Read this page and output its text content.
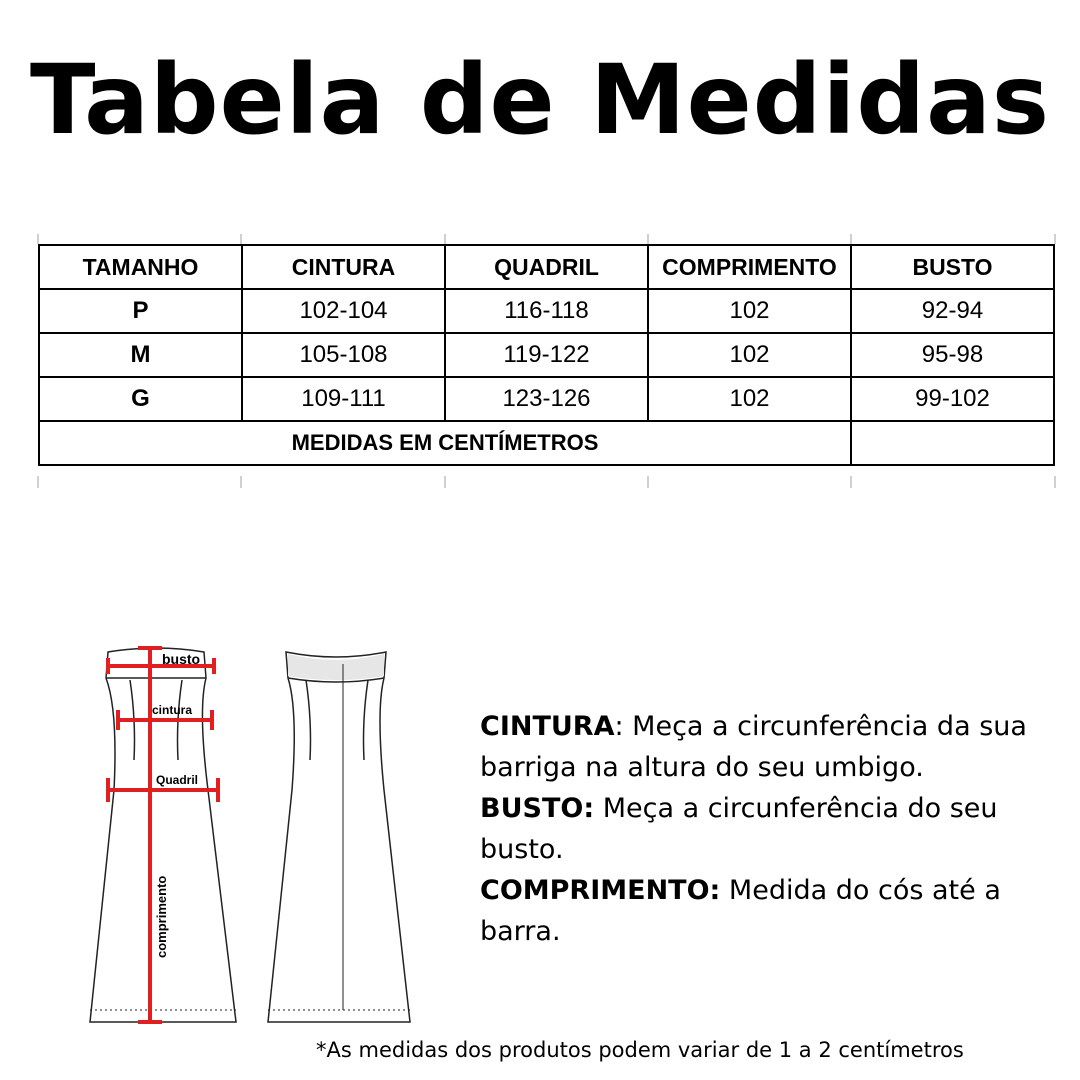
Tabela de Medidas
TAMANHO	CINTURA	QUADRIL	COMPRIMENTO	BUSTO
P	102-104	116-118	102	92-94
M	105-108	119-122	102	95-98
G	109-111	123-126	102	99-102
MEDIDAS EM CENTÍMETROS				
busto
cintura
Quadril
comprimento

CINTURA: Meça a circunferência da sua barriga na altura do seu umbigo.

BUSTO: Meça a circunferência do seu busto.

COMPRIMENTO: Medida do cós até a barra.

*As medidas dos produtos podem variar de 1 a 2 centímetros
